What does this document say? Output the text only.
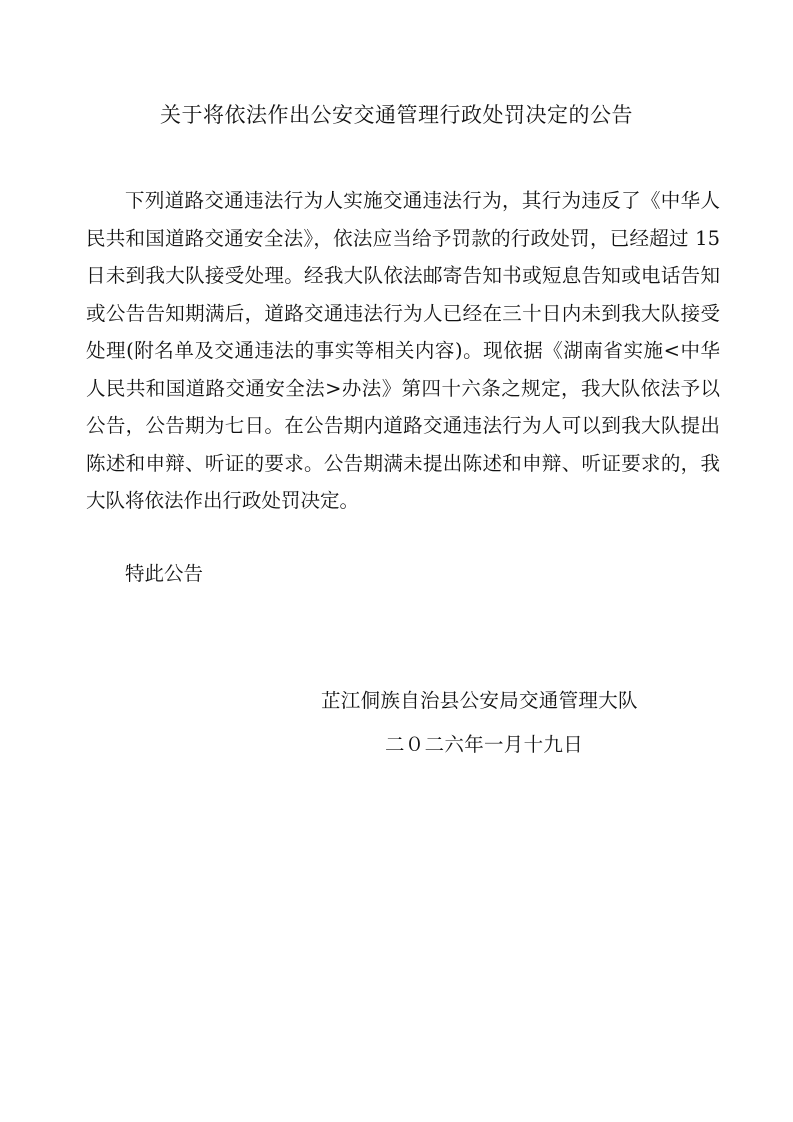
关于将依法作出公安交通管理行政处罚决定的公告

下列道路交通违法行为人实施交通违法行为，其行为违反了《中华人民共和国道路交通安全法》，依法应当给予罚款的行政处罚，已经超过 15 日未到我大队接受处理。经我大队依法邮寄告知书或短息告知或电话告知或公告告知期满后，道路交通违法行为人已经在三十日内未到我大队接受处理(附名单及交通违法的事实等相关内容)。现依据《湖南省实施<中华人民共和国道路交通安全法>办法》第四十六条之规定，我大队依法予以公告，公告期为七日。在公告期内道路交通违法行为人可以到我大队提出陈述和申辩、听证的要求。公告期满未提出陈述和申辩、听证要求的，我大队将依法作出行政处罚决定。

特此公告

芷江侗族自治县公安局交通管理大队
二０二六年一月十九日
